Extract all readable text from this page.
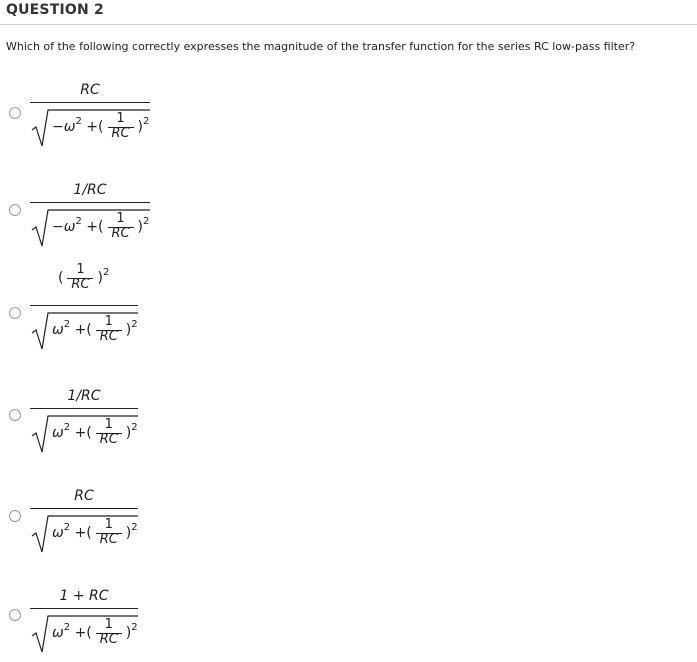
QUESTION 2
Which of the following correctly expresses the magnitude of the transfer function for the series RC low-pass filter?
RC
$-\omega^2$ +( $\frac{1}{RC} )^2$
1/RC
$-\omega^2$ +( $\frac{1}{RC} )^2$
( $\frac{1}{RC} )^2$
$\omega^2$ +( $\frac{1}{RC} )^2$
1/RC
$\omega^2$ +( $\frac{1}{RC} )^2$
RC
$\omega^2$ +( $\frac{1}{RC} )^2$
1 + RC
$\omega^2$ +( $\frac{1}{RC} )^2$
